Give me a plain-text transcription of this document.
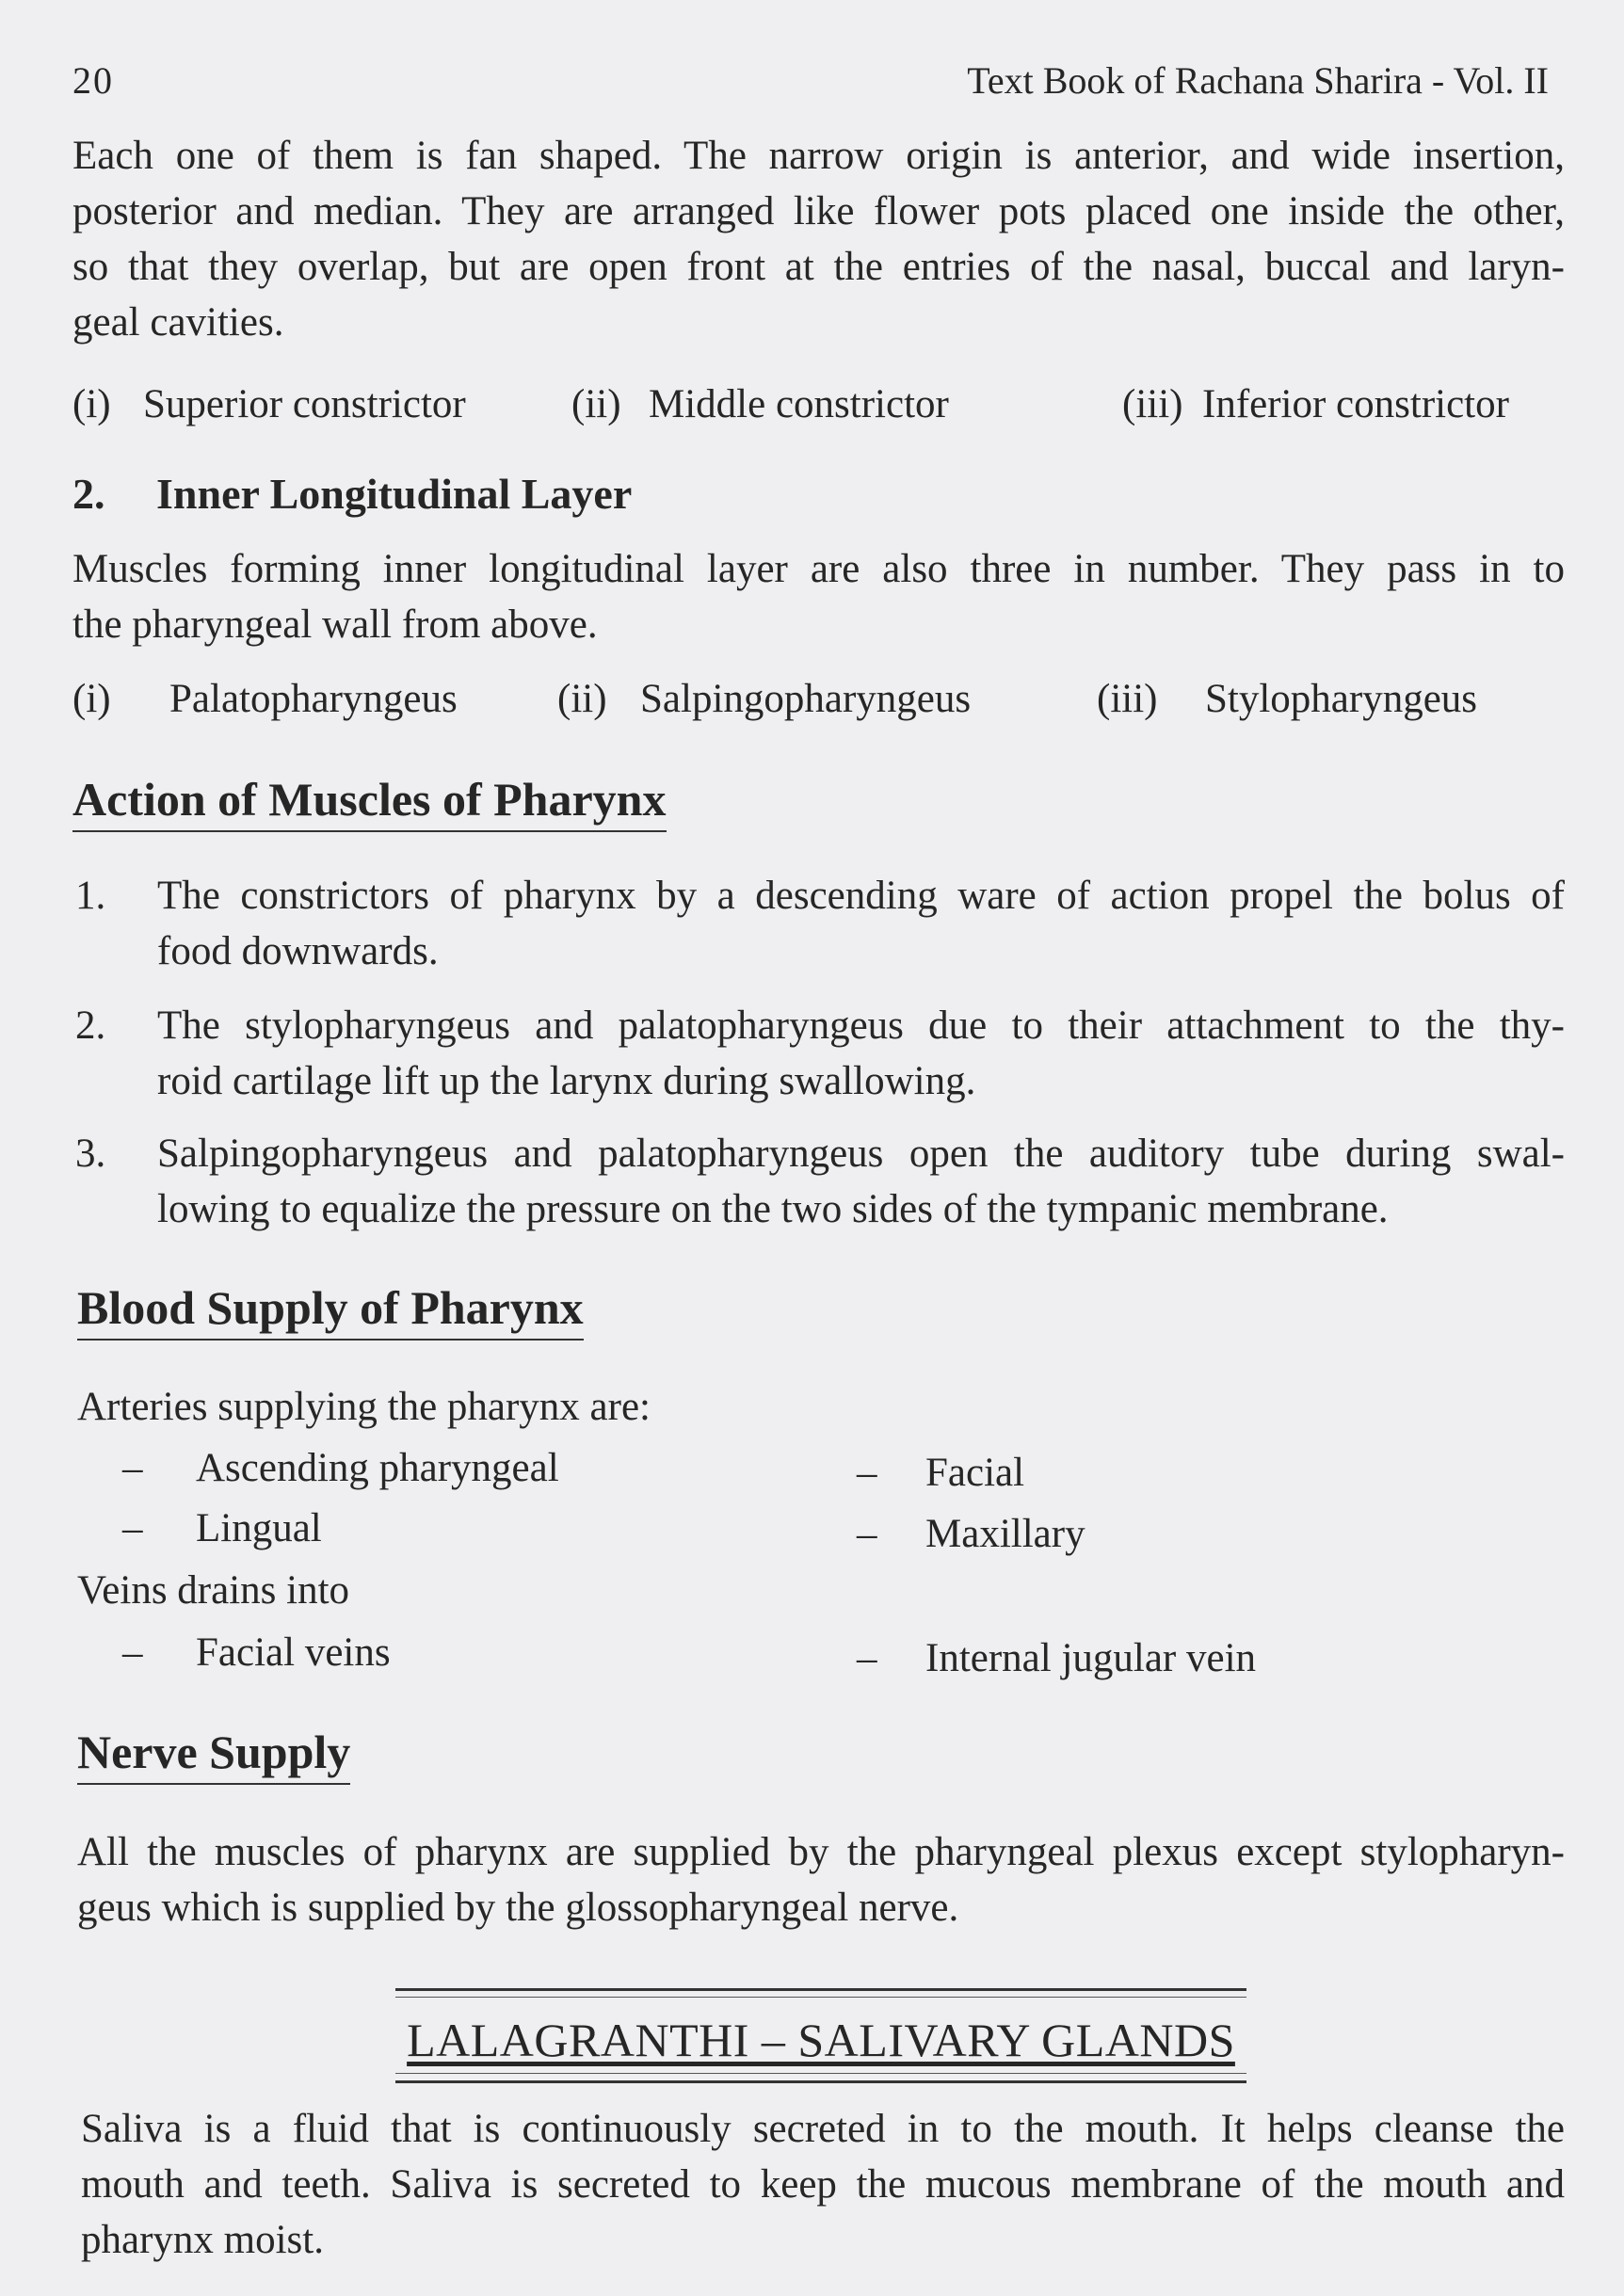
20	Text Book of Rachana Sharira - Vol. II
Each one of them is fan shaped. The narrow origin is anterior, and wide insertion,
posterior and median. They are arranged like flower pots placed one inside the other,
so that they overlap, but are open front at the entries of the nasal, buccal and laryn-
geal cavities.
(i) Superior constrictor	(ii) Middle constrictor	(iii) Inferior constrictor
2. Inner Longitudinal Layer
Muscles forming inner longitudinal layer are also three in number. They pass in to
the pharyngeal wall from above.
(i) Palatopharyngeus (ii) Salpingopharyngeus	(iii) Stylopharyngeus
Action of Muscles of Pharynx
1. The constrictors of pharynx by a descending ware of action propel the bolus of
food downwards.
2. The stylopharyngeus and palatopharyngeus due to their attachment to the thy-
roid cartilage lift up the larynx during swallowing.
3. Salpingopharyngeus and palatopharyngeus open the auditory tube during swal-
lowing to equalize the pressure on the two sides of the tympanic membrane.
Blood Supply of Pharynx
Arteries supplying the pharynx are:
– Ascending pharyngeal	– Facial
– Lingual	– Maxillary
Veins drains into
– Facial veins	– Internal jugular vein
Nerve Supply
All the muscles of pharynx are supplied by the pharyngeal plexus except stylopharyn-
geus which is supplied by the glossopharyngeal nerve.
LALAGRANTHI – SALIVARY GLANDS
Saliva is a fluid that is continuously secreted in to the mouth. It helps cleanse the
mouth and teeth. Saliva is secreted to keep the mucous membrane of the mouth and
pharynx moist.
